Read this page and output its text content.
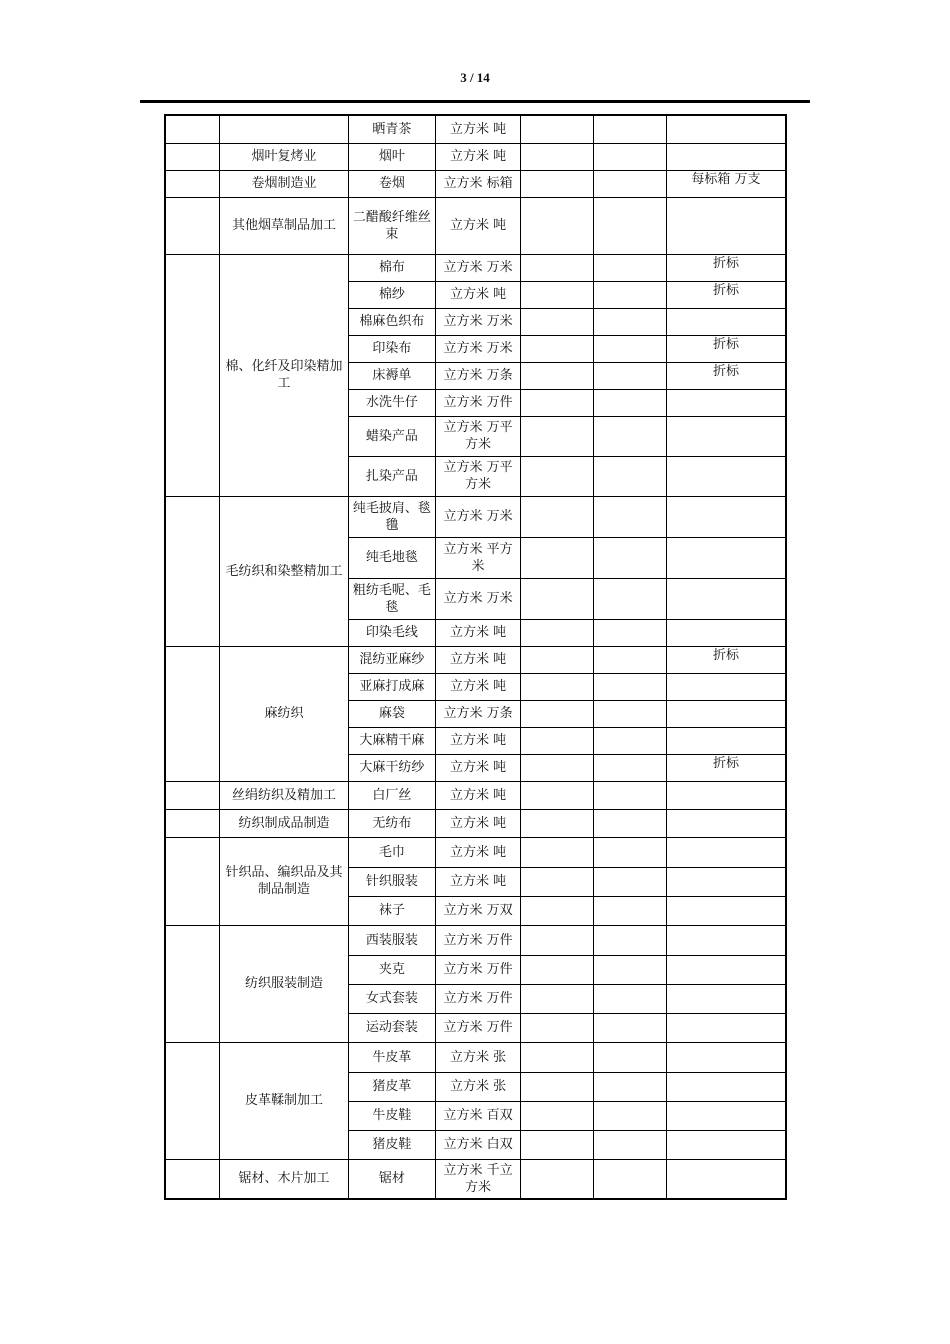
3 / 14
		晒青茶	立方米 吨			
	烟叶复烤业	烟叶	立方米 吨			
	卷烟制造业	卷烟	立方米 标箱			每标箱 万支
	其他烟草制品加工	二醋酸纤维丝束	立方米 吨			
	棉、化纤及印染精加工	棉布	立方米 万米			折标
		棉纱	立方米 吨			折标
		棉麻色织布	立方米 万米			
		印染布	立方米 万米			折标
		床褥单	立方米 万条			折标
		水洗牛仔	立方米 万件			
		蜡染产品	立方米 万平方米			
		扎染产品	立方米 万平方米			
	毛纺织和染整精加工	纯毛披肩、毯氇	立方米 万米			
		纯毛地毯	立方米 平方米			
		粗纺毛呢、毛毯	立方米 万米			
		印染毛线	立方米 吨			
	麻纺织	混纺亚麻纱	立方米 吨			折标
		亚麻打成麻	立方米 吨			
		麻袋	立方米 万条			
		大麻精干麻	立方米 吨			
		大麻干纺纱	立方米 吨			折标
	丝绢纺织及精加工	白厂丝	立方米 吨			
	纺织制成品制造	无纺布	立方米 吨			
	针织品、编织品及其制品制造	毛巾	立方米 吨			
		针织服装	立方米 吨			
		袜子	立方米 万双			
	纺织服装制造	西装服装	立方米 万件			
		夹克	立方米 万件			
		女式套装	立方米 万件			
		运动套装	立方米 万件			
	皮革鞣制加工	牛皮革	立方米 张			
		猪皮革	立方米 张			
		牛皮鞋	立方米 百双			
		猪皮鞋	立方米 白双			
	锯材、木片加工	锯材	立方米 千立方米			
